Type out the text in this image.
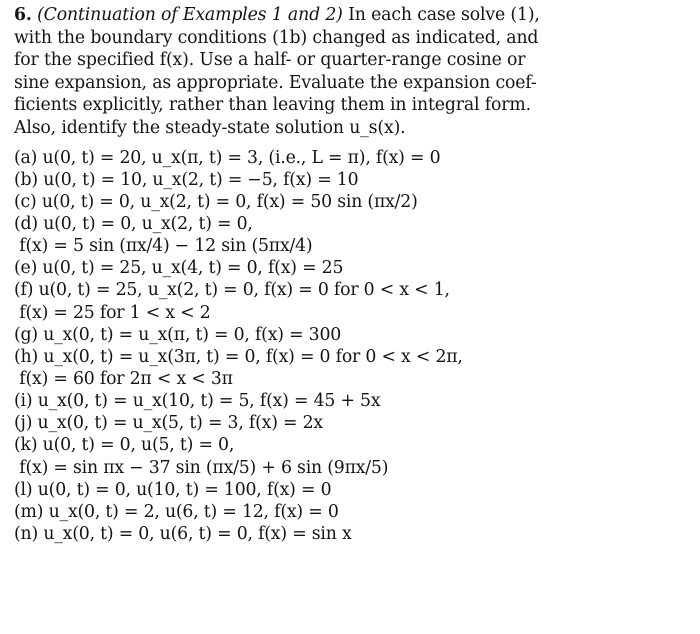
6. (Continuation of Examples 1 and 2) In each case solve (1),
with the boundary conditions (1b) changed as indicated, and
for the specified f(x). Use a half- or quarter-range cosine or
sine expansion, as appropriate. Evaluate the expansion coef-
ficients explicitly, rather than leaving them in integral form.
Also, identify the steady-state solution u_s(x).
(a) u(0, t) = 20, u_x(π, t) = 3, (i.e., L = π), f(x) = 0
(b) u(0, t) = 10, u_x(2, t) = −5, f(x) = 10
(c) u(0, t) = 0, u_x(2, t) = 0, f(x) = 50 sin (πx/2)
(d) u(0, t) = 0, u_x(2, t) = 0,
f(x) = 5 sin (πx/4) − 12 sin (5πx/4)
(e) u(0, t) = 25, u_x(4, t) = 0, f(x) = 25
(f) u(0, t) = 25, u_x(2, t) = 0, f(x) = 0 for 0 < x < 1,
f(x) = 25 for 1 < x < 2
(g) u_x(0, t) = u_x(π, t) = 0, f(x) = 300
(h) u_x(0, t) = u_x(3π, t) = 0, f(x) = 0 for 0 < x < 2π,
f(x) = 60 for 2π < x < 3π
(i) u_x(0, t) = u_x(10, t) = 5, f(x) = 45 + 5x
(j) u_x(0, t) = u_x(5, t) = 3, f(x) = 2x
(k) u(0, t) = 0, u(5, t) = 0,
f(x) = sin πx − 37 sin (πx/5) + 6 sin (9πx/5)
(l) u(0, t) = 0, u(10, t) = 100, f(x) = 0
(m) u_x(0, t) = 2, u(6, t) = 12, f(x) = 0
(n) u_x(0, t) = 0, u(6, t) = 0, f(x) = sin x
